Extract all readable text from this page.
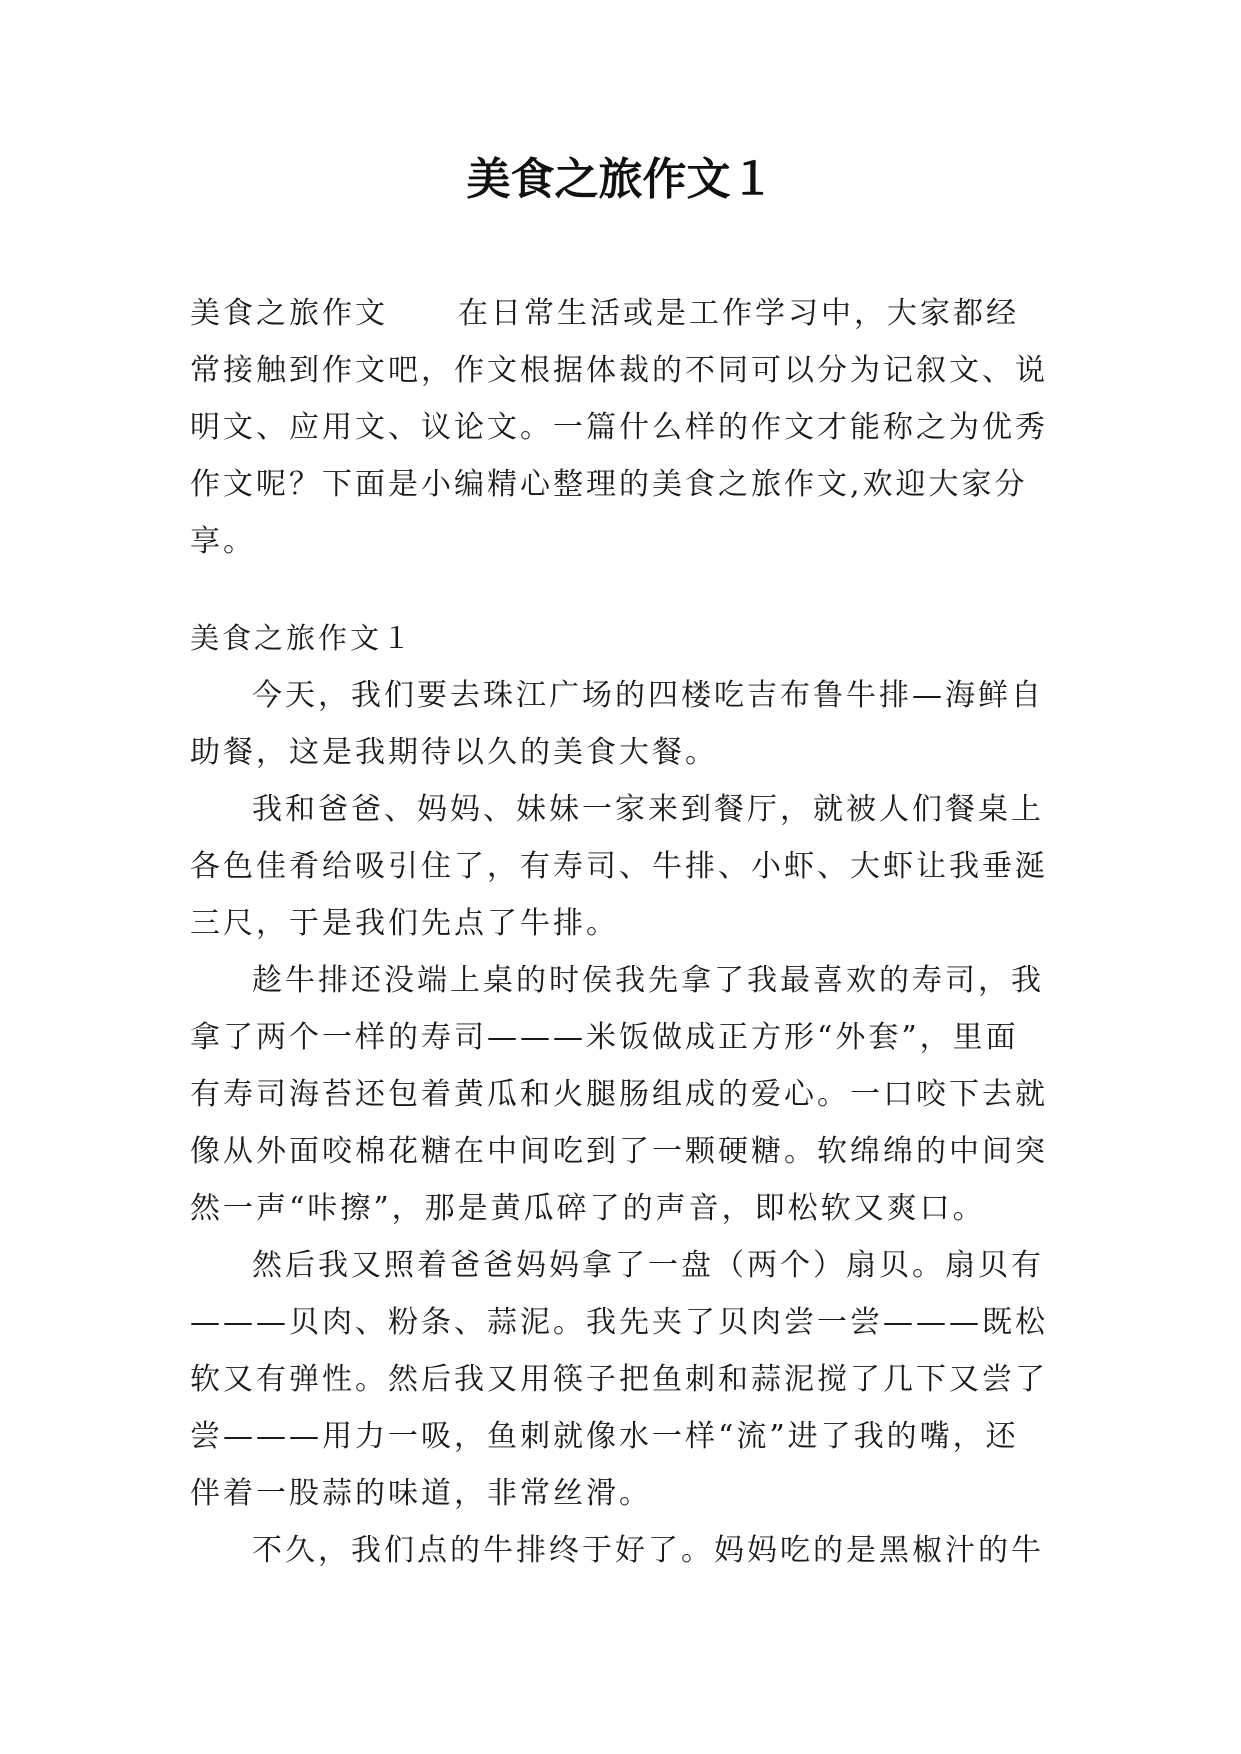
美食之旅作文１

美食之旅作文 在日常生活或是工作学习中，大家都经常接触到作文吧，作文根据体裁的不同可以分为记叙文、说明文、应用文、议论文。一篇什么样的作文才能称之为优秀作文呢？下面是小编精心整理的美食之旅作文,欢迎大家分享。

美食之旅作文１

今天，我们要去珠江广场的四楼吃吉布鲁牛排—海鲜自助餐，这是我期待以久的美食大餐。

我和爸爸、妈妈、妹妹一家来到餐厅，就被人们餐桌上各色佳肴给吸引住了，有寿司、牛排、小虾、大虾让我垂涎三尺，于是我们先点了牛排。

趁牛排还没端上桌的时侯我先拿了我最喜欢的寿司，我拿了两个一样的寿司———米饭做成正方形“外套”，里面有寿司海苔还包着黄瓜和火腿肠组成的爱心。一口咬下去就像从外面咬棉花糖在中间吃到了一颗硬糖。软绵绵的中间突然一声“咔擦”，那是黄瓜碎了的声音，即松软又爽口。

然后我又照着爸爸妈妈拿了一盘（两个）扇贝。扇贝有———贝肉、粉条、蒜泥。我先夹了贝肉尝一尝———既松软又有弹性。然后我又用筷子把鱼刺和蒜泥搅了几下又尝了尝———用力一吸，鱼刺就像水一样“流”进了我的嘴，还伴着一股蒜的味道，非常丝滑。

不久，我们点的牛排终于好了。妈妈吃的是黑椒汁的牛
